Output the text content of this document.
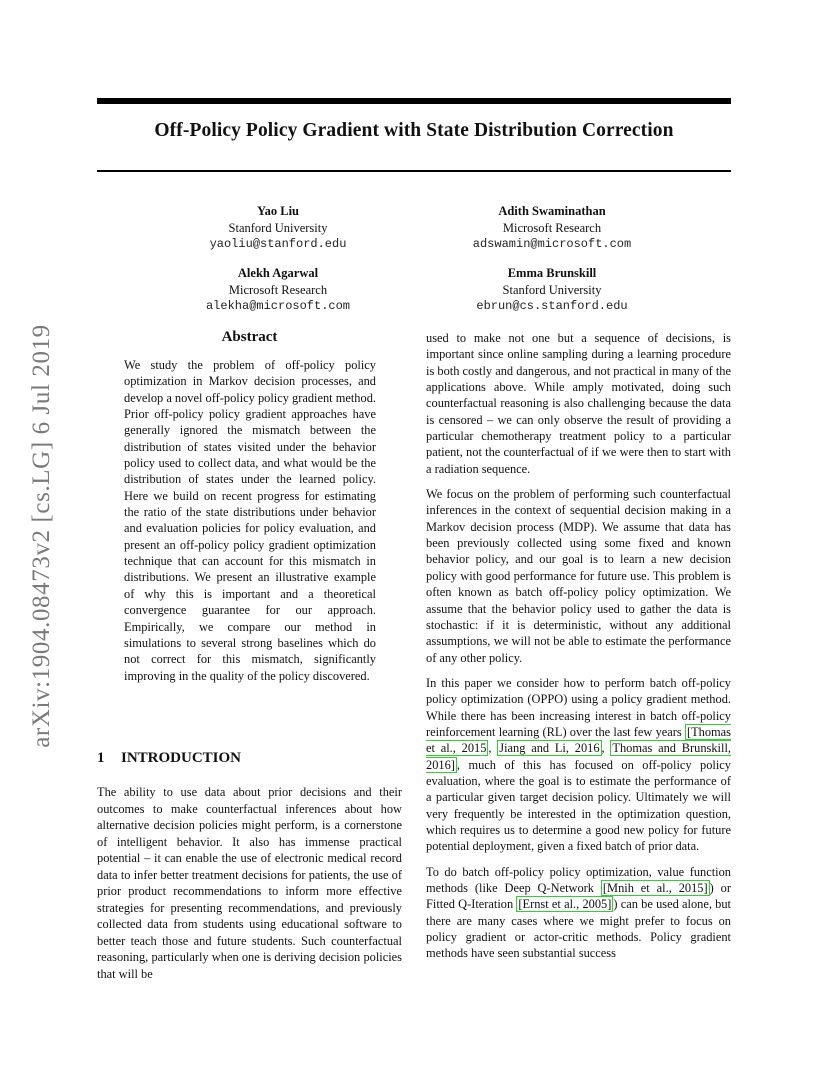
Off-Policy Policy Gradient with State Distribution Correction
arXiv:1904.08473v2 [cs.LG] 6 Jul 2019
Yao Liu
Stanford University
yaoliu@stanford.edu
Adith Swaminathan
Microsoft Research
adswamin@microsoft.com
Alekh Agarwal
Microsoft Research
alekha@microsoft.com
Emma Brunskill
Stanford University
ebrun@cs.stanford.edu
Abstract
We study the problem of off-policy policy optimization in Markov decision processes, and develop a novel off-policy policy gradient method. Prior off-policy policy gradient approaches have generally ignored the mismatch between the distribution of states visited under the behavior policy used to collect data, and what would be the distribution of states under the learned policy. Here we build on recent progress for estimating the ratio of the state distributions under behavior and evaluation policies for policy evaluation, and present an off-policy policy gradient optimization technique that can account for this mismatch in distributions. We present an illustrative example of why this is important and a theoretical convergence guarantee for our approach. Empirically, we compare our method in simulations to several strong baselines which do not correct for this mismatch, significantly improving in the quality of the policy discovered.
1 INTRODUCTION

The ability to use data about prior decisions and their outcomes to make counterfactual inferences about how alternative decision policies might perform, is a cornerstone of intelligent behavior. It also has immense practical potential – it can enable the use of electronic medical record data to infer better treatment decisions for patients, the use of prior product recommendations to inform more effective strategies for presenting recommendations, and previously collected data from students using educational software to better teach those and future students. Such counterfactual reasoning, particularly when one is deriving decision policies that will be

used to make not one but a sequence of decisions, is important since online sampling during a learning procedure is both costly and dangerous, and not practical in many of the applications above. While amply motivated, doing such counterfactual reasoning is also challenging because the data is censored – we can only observe the result of providing a particular chemotherapy treatment policy to a particular patient, not the counterfactual of if we were then to start with a radiation sequence.

We focus on the problem of performing such counterfactual inferences in the context of sequential decision making in a Markov decision process (MDP). We assume that data has been previously collected using some fixed and known behavior policy, and our goal is to learn a new decision policy with good performance for future use. This problem is often known as batch off-policy policy optimization. We assume that the behavior policy used to gather the data is stochastic: if it is deterministic, without any additional assumptions, we will not be able to estimate the performance of any other policy.

In this paper we consider how to perform batch off-policy policy optimization (OPPO) using a policy gradient method. While there has been increasing interest in batch off-policy reinforcement learning (RL) over the last few years [Thomas et al., 2015 , Jiang and Li, 2016 , Thomas and Brunskill, 2016] , much of this has focused on off-policy policy evaluation, where the goal is to estimate the performance of a particular given target decision policy. Ultimately we will very frequently be interested in the optimization question, which requires us to determine a good new policy for future potential deployment, given a fixed batch of prior data.

To do batch off-policy policy optimization, value function methods (like Deep Q-Network [Mnih et al., 2015] ) or Fitted Q-Iteration [Ernst et al., 2005] ) can be used alone, but there are many cases where we might prefer to focus on policy gradient or actor-critic methods. Policy gradient methods have seen substantial success
